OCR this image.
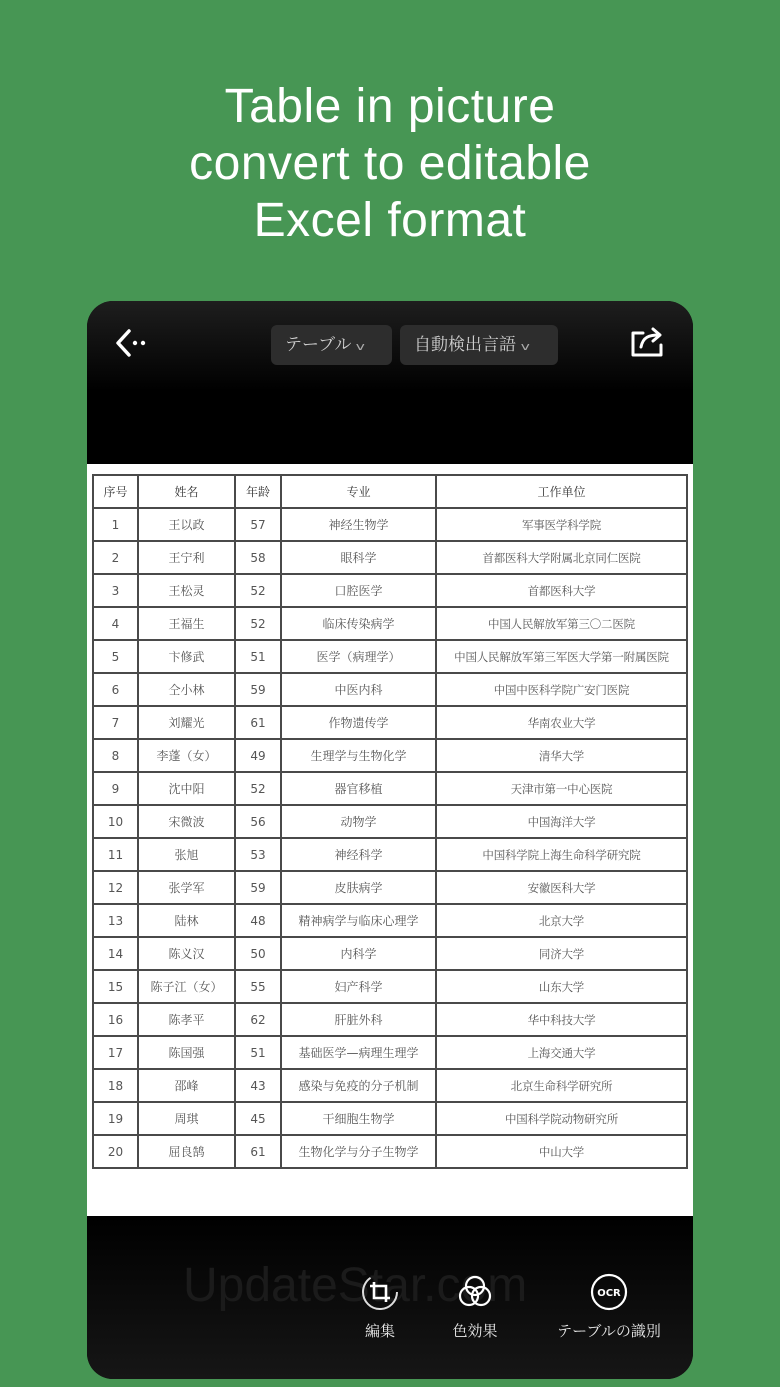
Table in picture
convert to editable
Excel format
テーブル v	自動検出言語 v
序号	姓名	年龄	专业	工作单位
1	王以政	57	神经生物学	军事医学科学院
2	王宁利	58	眼科学	首都医科大学附属北京同仁医院
3	王松灵	52	口腔医学	首都医科大学
4	王福生	52	临床传染病学	中国人民解放军第三〇二医院
5	卞修武	51	医学（病理学）	中国人民解放军第三军医大学第一附属医院
6	仝小林	59	中医内科	中国中医科学院广安门医院
7	刘耀光	61	作物遗传学	华南农业大学
8	李蓬（女）	49	生理学与生物化学	清华大学
9	沈中阳	52	器官移植	天津市第一中心医院
10	宋微波	56	动物学	中国海洋大学
11	张旭	53	神经科学	中国科学院上海生命科学研究院
12	张学军	59	皮肤病学	安徽医科大学
13	陆林	48	精神病学与临床心理学	北京大学
14	陈义汉	50	内科学	同济大学
15	陈子江（女）	55	妇产科学	山东大学
16	陈孝平	62	肝脏外科	华中科技大学
17	陈国强	51	基础医学—病理生理学	上海交通大学
18	邵峰	43	感染与免疫的分子机制	北京生命科学研究所
19	周琪	45	干细胞生物学	中国科学院动物研究所
20	屈良鹄	61	生物化学与分子生物学	中山大学
UpdateStar.com
編集	色効果
OCR
テーブルの識別
